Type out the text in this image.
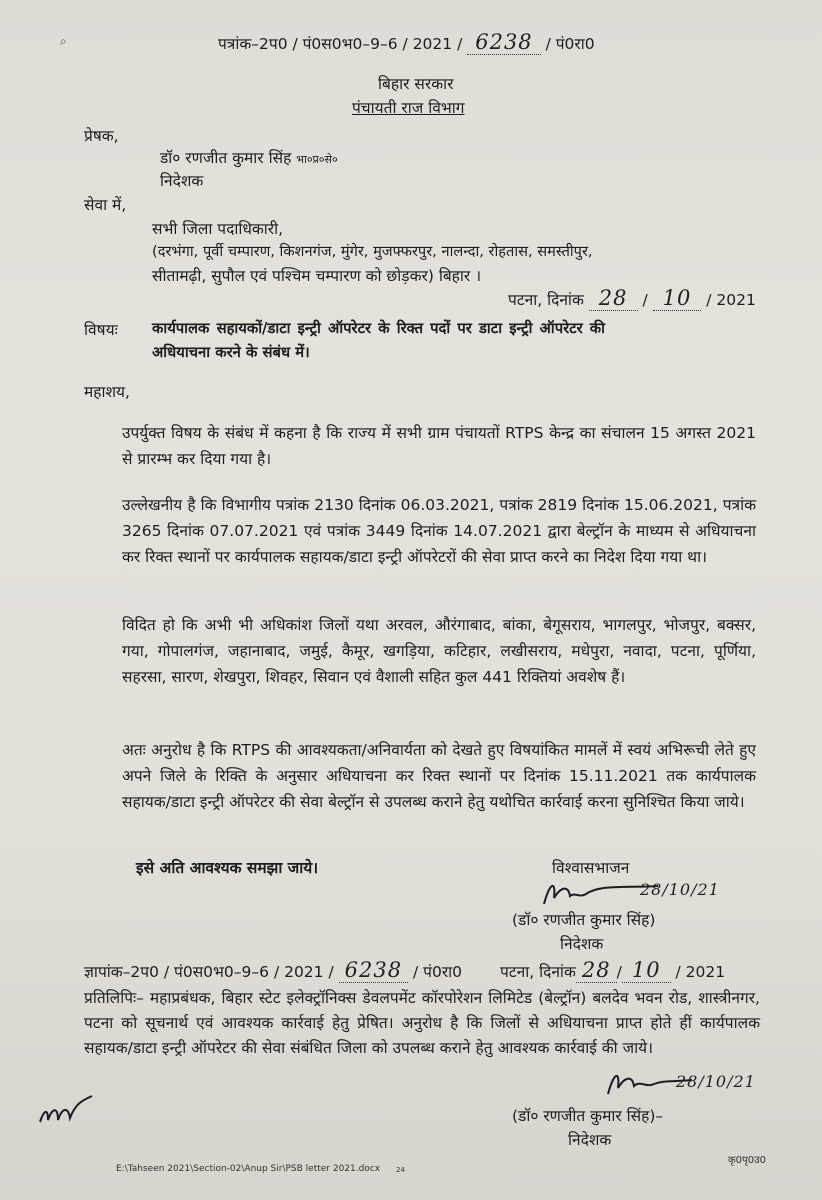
पत्रांक–2प0 / पं0स0भ0–9–6 / 2021 / 6238 / पं0रा0
⌕
बिहार सरकार
पंचायती राज विभाग
प्रेषक,
डॉ० रणजीत कुमार सिंह भा०प्र०से०
निदेशक
सेवा में,
सभी जिला पदाधिकारी,
(दरभंगा, पूर्वी चम्पारण, किशनगंज, मुंगेर, मुजफ्फरपुर, नालन्दा, रोहतास, समस्तीपुर,
सीतामढ़ी, सुपौल एवं पश्चिम चम्पारण को छोड़कर) बिहार ।
पटना, दिनांक 28 / 10 / 2021
विषयः कार्यपालक सहायकों/डाटा इन्ट्री ऑपरेटर के रिक्त पदों पर डाटा इन्ट्री ऑपरेटर की
अधियाचना करने के संबंध में।
महाशय,
उपर्युक्त विषय के संबंध में कहना है कि राज्य में सभी ग्राम पंचायतों RTPS केन्द्र का संचालन 15 अगस्त 2021 से प्रारम्भ कर दिया गया है।
उल्लेखनीय है कि विभागीय पत्रांक 2130 दिनांक 06.03.2021, पत्रांक 2819 दिनांक 15.06.2021, पत्रांक 3265 दिनांक 07.07.2021 एवं पत्रांक 3449 दिनांक 14.07.2021 द्वारा बेल्ट्रॉन के माध्यम से अधियाचना कर रिक्त स्थानों पर कार्यपालक सहायक/डाटा इन्ट्री ऑपरेटरों की सेवा प्राप्त करने का निदेश दिया गया था।
विदित हो कि अभी भी अधिकांश जिलों यथा अरवल, औरंगाबाद, बांका, बेगूसराय, भागलपुर, भोजपुर, बक्सर, गया, गोपालगंज, जहानाबाद, जमुई, कैमूर, खगड़िया, कटिहार, लखीसराय, मधेपुरा, नवादा, पटना, पूर्णिया, सहरसा, सारण, शेखपुरा, शिवहर, सिवान एवं वैशाली सहित कुल 441 रिक्तियां अवशेष हैं।
अतः अनुरोध है कि RTPS की आवश्यकता/अनिवार्यता को देखते हुए विषयांकित मामलें में स्वयं अभिरूची लेते हुए अपने जिले के रिक्ति के अनुसार अधियाचना कर रिक्त स्थानों पर दिनांक 15.11.2021 तक कार्यपालक सहायक/डाटा इन्ट्री ऑपरेटर की सेवा बेल्ट्रॉन से उपलब्ध कराने हेतु यथोचित कार्रवाई करना सुनिश्चित किया जाये।
इसे अति आवश्यक समझा जाये।	विश्वासभाजन
28/10/21
(डॉ० रणजीत कुमार सिंह)
निदेशक
ज्ञापांक–2प0 / पं0स0भ0–9–6 / 2021 / 6238 / पं0रा0 पटना, दिनांक 28 / 10 / 2021
प्रतिलिपिः– महाप्रबंधक, बिहार स्टेट इलेक्ट्रॉनिक्स डेवलपमेंट कॉरपोरेशन लिमिटेड (बेल्ट्रॉन) बलदेव भवन रोड, शास्त्रीनगर, पटना को सूचनार्थ एवं आवश्यक कार्रवाई हेतु प्रेषित। अनुरोध है कि जिलों से अधियाचना प्राप्त होते हीं कार्यपालक सहायक/डाटा इन्ट्री ऑपरेटर की सेवा संबंधित जिला को उपलब्ध कराने हेतु आवश्यक कार्रवाई की जाये।
28/10/21
(डॉ० रणजीत कुमार सिंह)–
निदेशक
E:\Tahseen 2021\Section-02\Anup Sir\PSB letter 2021.docx 24
कृ0पृ0उ0
